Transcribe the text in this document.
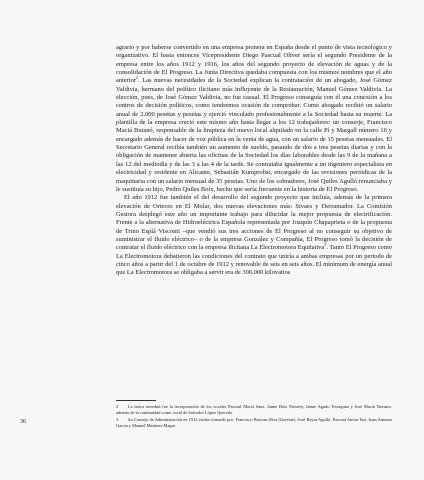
agrario y por haberse convertido en una empresa pionera en España desde el punto de vista tecnológico y organizativo. El hasta entonces Vicepresidente Diego Pascual Oliver sería el segundo Presidente de la empresa entre los años 1912 y 1916, los años del segundo proyecto de elevación de aguas y de la consolidación de El Progreso. La Junta Directiva quedaba compuesta con los mismos nombres que el año anterior$^2$. Las nuevas necesidades de la Sociedad explican la contratación de un abogado, José Gómez Valdivia, hermano del político ilicitano más influyente de la Restauración, Manuel Gómez Valdivia. La elección, pues, de José Gómez Valdivia, no fue casual. El Progreso conseguía con él una conexión a los centros de decisión políticos, como tendremos ocasión de comprobar. Como abogado recibió un salario anual de 2.000 pesetas y pesetas y ejerció vinculado profesionalmente a la Sociedad hasta su muerte. La plantilla de la empresa creció este mismo año hasta llegar a los 12 trabajadores: un conserje, Francisco Maciá Butanó, responsable de la limpieza del nuevo local alquilado en la calle Pí y Margall número 16 y encargado además de hacer de voz pública en la venta de agua, con un salario de 15 pesetas mensuales. El Secretario General recibía también un aumento de sueldo, pasando de dos a tres pesetas diarias y con la obligación de mantener abierta las oficinas de la Sociedad los días laborables desde las 9 de la mañana a las 12 del mediodía y de las 3 a las 4 de la tarde. Se contrataba igualmente a un ingeniero especialista en electricidad y residente en Alicante, Sebastián Kumprobst, encargado de las revisiones periódicas de la maquinaria con un salario mensual de 35 pesetas. Uno de los cobradores, José Quiles Agulló renunciaba y le sustituía su hijo, Pedro Quiles Boix, hecho que sería frecuente en la historia de El Progreso.

El año 1912 fue también el del desarrollo del segundo proyecto que incluía, además de la primera elevación de Orteces en El Molar, dos nuevas elevaciones más: Sivaes y Derramador. La Comisión Gestora desplegó este año un importante trabajo para dilucidar la mejor propuesta de electrificación. Frente a la alternativa de Hidroeléctrica Española representada por Joaquín Chapaprieta o de la propuesta de Trino Esplá Visconti –que vendió sus tres acciones de El Progreso al no conseguir su objetivo de suministrar el fluido eléctrico– o de la empresa González y Compañía, El Progreso tomó la decisión de contratar el fluido eléctrico con la empresa ilicitana La Electromotora Equitativa$^3$. Tanto El Progreso como La Electromotora debatieron las condiciones del contrato que uniría a ambas empresas por un periodo de cinco años a partir del 1 de octubre de 1912 y renovable de seis en seis años. El mínimum de energía anual que La Electromotora se obligaba a servir era de 300.000 kilovatios

2 La única novedad fue la incorporación de los vocales Pascual Maciá Sans, Jaime Boix Primery, Jaime Agudo Terraguna y José Macià Navarro, además de la continuidad como vocal de Salvador López Quereda.

3 Su Consejo de Administración en 1912 estaba formado por: Francisco Brotons Riva (Gerente), José Bayra Agulló, Pascual Anton Tari, Juan Antonio García y Manuel Martínez Magro.

36
